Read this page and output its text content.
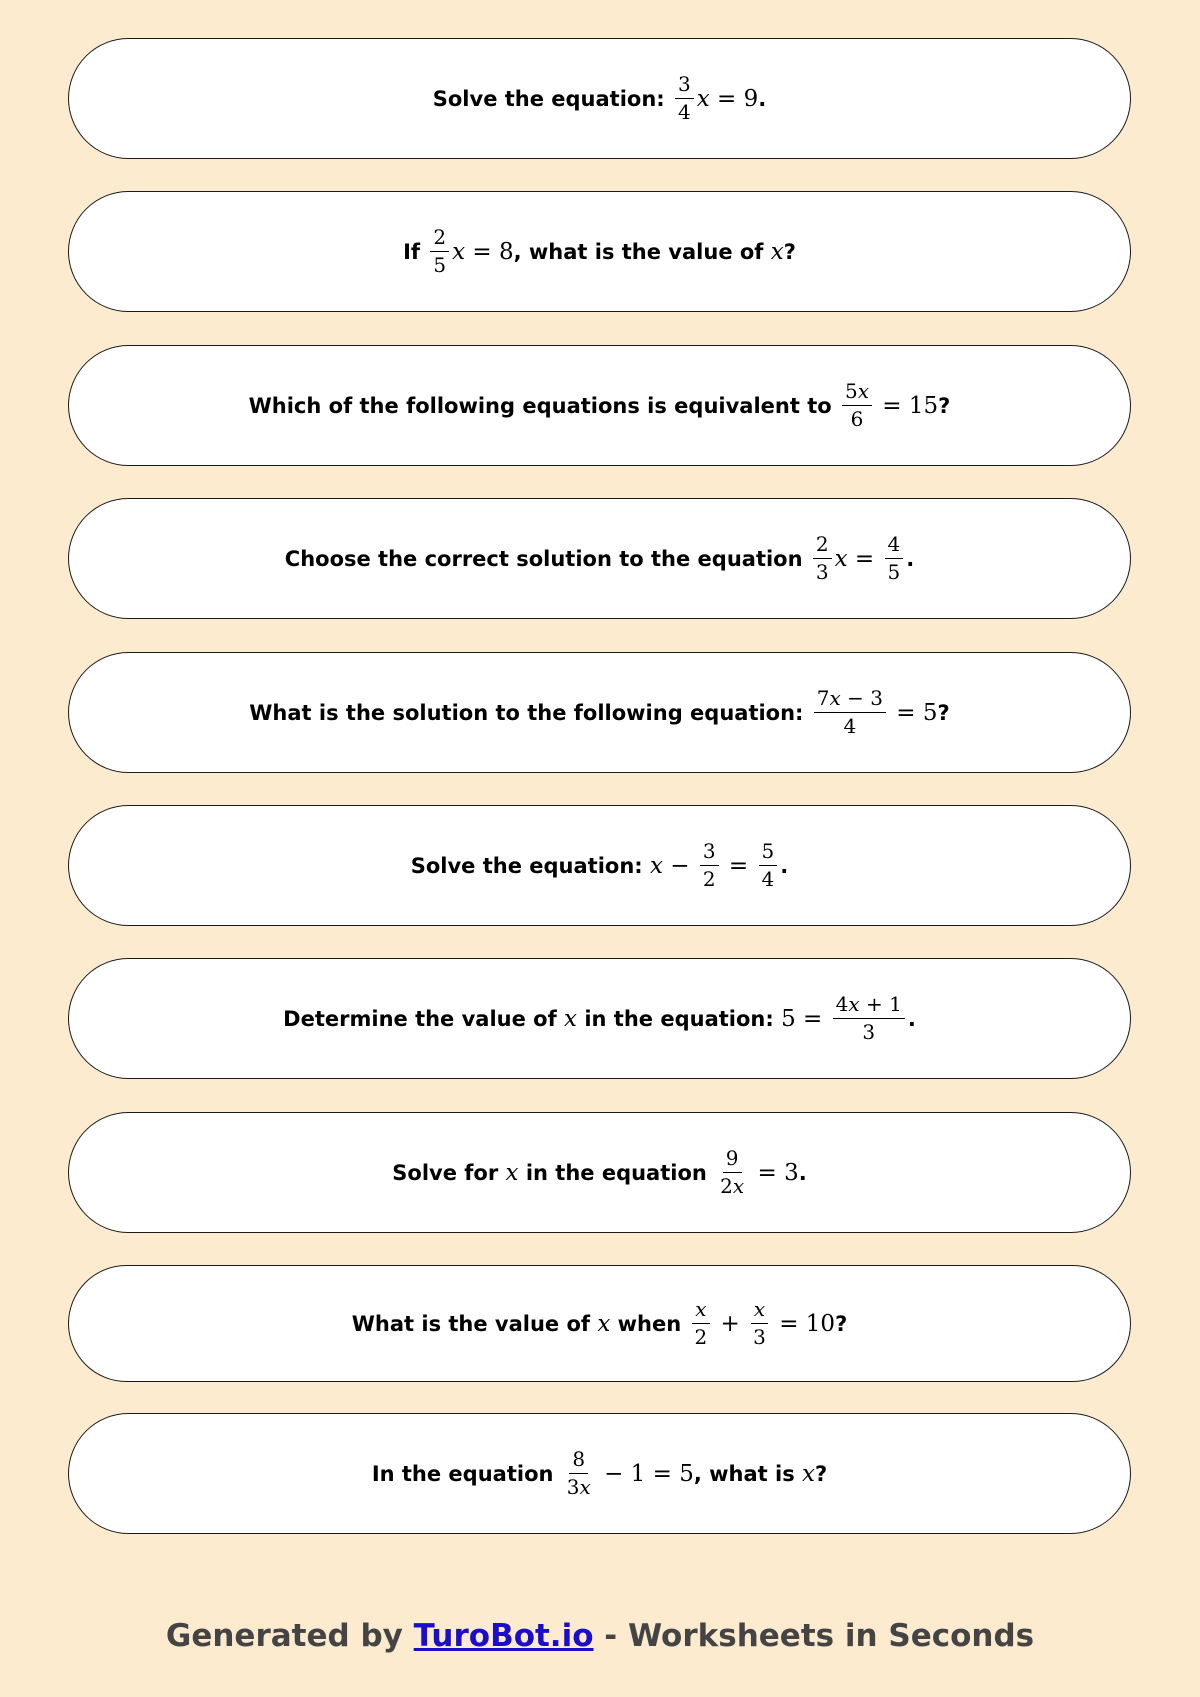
Solve the equation: $\frac{3}{4}$ x = 9 .
If $\frac{2}{5}$ x = 8 , what is the value of x ?
Which of the following equations is equivalent to $\frac{5x}{6} = 15$ ?
Choose the correct solution to the equation $\frac{2}{3}$ $x = \frac{4}{5}$ .
What is the solution to the following equation: $\frac{7x - 3}{4} = 5$ ?
Solve the equation: $x - \frac{3}{2} = \frac{5}{4}$ .
Determine the value of x in the equation: $5 = \frac{4x + 1}{3}$ .
Solve for x in the equation $\frac{9}{2x} = 3$ .
What is the value of x when $\frac{x}{2} + \frac{x}{3} = 10$ ?
In the equation $\frac{8}{3x} - 1 = 5$ , what is x ?
Generated by TuroBot.io - Worksheets in Seconds
